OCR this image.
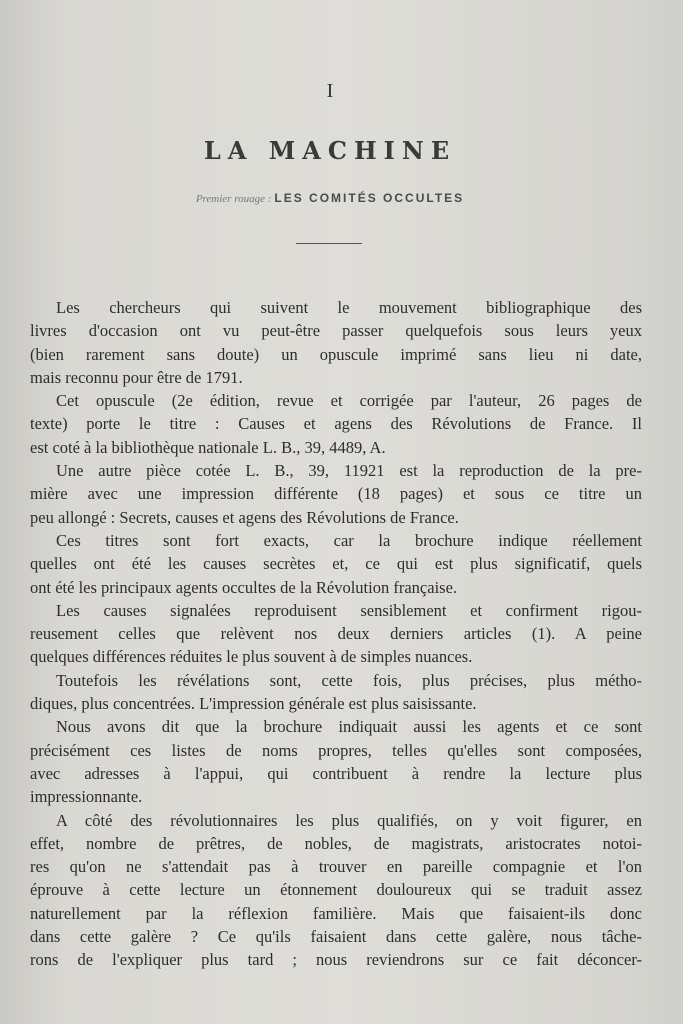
I
LA MACHINE
Premier rouage : LES COMITÉS OCCULTES
Les chercheurs qui suivent le mouvement bibliographique des
livres d'occasion ont vu peut-être passer quelquefois sous leurs yeux
(bien rarement sans doute) un opuscule imprimé sans lieu ni date,
mais reconnu pour être de 1791.
Cet opuscule (2e édition, revue et corrigée par l'auteur, 26 pages de
texte) porte le titre : Causes et agens des Révolutions de France. Il
est coté à la bibliothèque nationale L. B., 39, 4489, A.
Une autre pièce cotée L. B., 39, 11921 est la reproduction de la pre-
mière avec une impression différente (18 pages) et sous ce titre un
peu allongé : Secrets, causes et agens des Révolutions de France.
Ces titres sont fort exacts, car la brochure indique réellement
quelles ont été les causes secrètes et, ce qui est plus significatif, quels
ont été les principaux agents occultes de la Révolution française.
Les causes signalées reproduisent sensiblement et confirment rigou-
reusement celles que relèvent nos deux derniers articles (1). A peine
quelques différences réduites le plus souvent à de simples nuances.
Toutefois les révélations sont, cette fois, plus précises, plus métho-
diques, plus concentrées. L'impression générale est plus saisissante.
Nous avons dit que la brochure indiquait aussi les agents et ce sont
précisément ces listes de noms propres, telles qu'elles sont composées,
avec adresses à l'appui, qui contribuent à rendre la lecture plus
impressionnante.
A côté des révolutionnaires les plus qualifiés, on y voit figurer, en
effet, nombre de prêtres, de nobles, de magistrats, aristocrates notoi-
res qu'on ne s'attendait pas à trouver en pareille compagnie et l'on
éprouve à cette lecture un étonnement douloureux qui se traduit assez
naturellement par la réflexion familière. Mais que faisaient-ils donc
dans cette galère ? Ce qu'ils faisaient dans cette galère, nous tâche-
rons de l'expliquer plus tard ; nous reviendrons sur ce fait déconcer-
